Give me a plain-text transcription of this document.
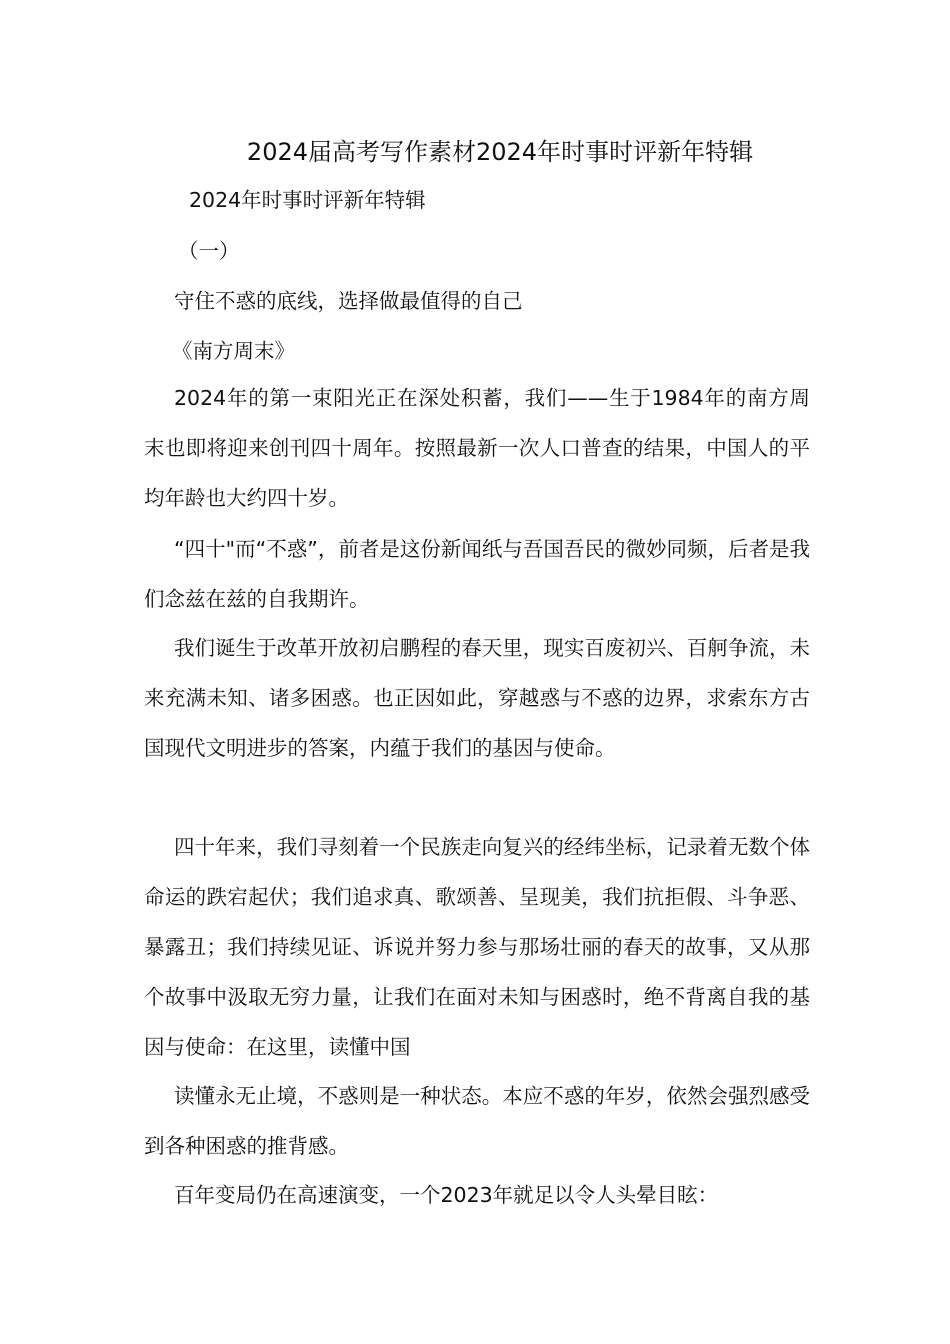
2024届高考写作素材2024年时事时评新年特辑

2024年时事时评新年特辑

（一）

守住不惑的底线，选择做最值得的自己

《南方周末》

2024年的第一束阳光正在深处积蓄，我们——生于1984年的南方周末也即将迎来创刊四十周年。按照最新一次人口普查的结果，中国人的平均年龄也大约四十岁。

“四十"而“不惑”，前者是这份新闻纸与吾国吾民的微妙同频，后者是我们念兹在兹的自我期许。

我们诞生于改革开放初启鹏程的春天里，现实百废初兴、百舸争流，未来充满未知、诸多困惑。也正因如此，穿越惑与不惑的边界，求索东方古国现代文明进步的答案，内蕴于我们的基因与使命。

四十年来，我们寻刻着一个民族走向复兴的经纬坐标，记录着无数个体命运的跌宕起伏；我们追求真、歌颂善、呈现美，我们抗拒假、斗争恶、暴露丑；我们持续见证、诉说并努力参与那场壮丽的春天的故事，又从那个故事中汲取无穷力量，让我们在面对未知与困惑时，绝不背离自我的基因与使命：在这里，读懂中国

读懂永无止境，不惑则是一种状态。本应不惑的年岁，依然会强烈感受到各种困惑的推背感。

百年变局仍在高速演变，一个2023年就足以令人头晕目眩：
